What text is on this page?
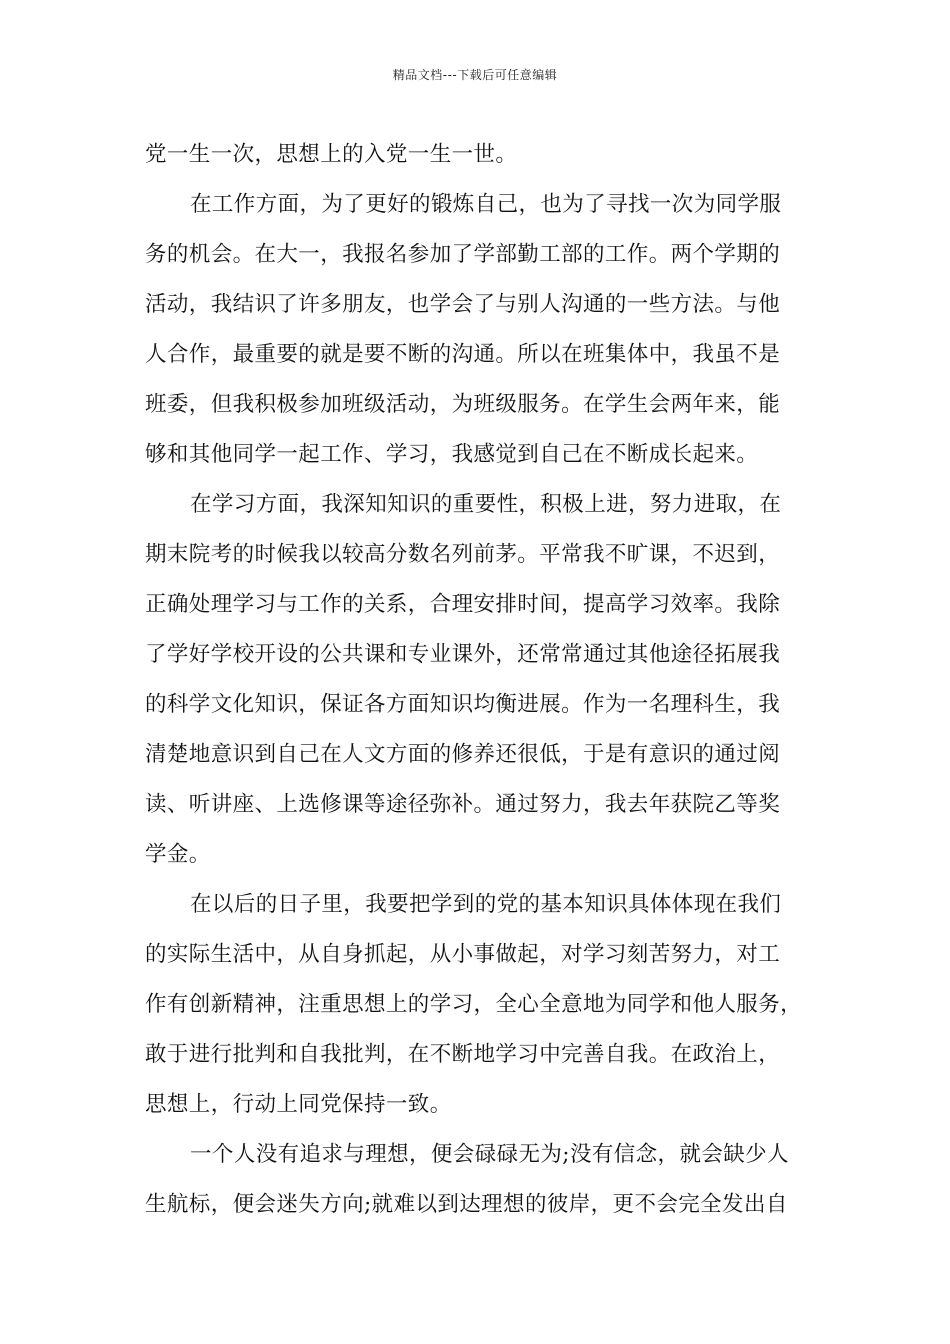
精品文档---下载后可任意编辑
党一生一次，思想上的入党一生一世。
在工作方面，为了更好的锻炼自己，也为了寻找一次为同学服
务的机会。在大一，我报名参加了学部勤工部的工作。两个学期的
活动，我结识了许多朋友，也学会了与别人沟通的一些方法。与他
人合作，最重要的就是要不断的沟通。所以在班集体中，我虽不是
班委，但我积极参加班级活动，为班级服务。在学生会两年来，能
够和其他同学一起工作、学习，我感觉到自己在不断成长起来。
在学习方面，我深知知识的重要性，积极上进，努力进取，在
期末院考的时候我以较高分数名列前茅。平常我不旷课，不迟到，
正确处理学习与工作的关系，合理安排时间，提高学习效率。我除
了学好学校开设的公共课和专业课外，还常常通过其他途径拓展我
的科学文化知识，保证各方面知识均衡进展。作为一名理科生，我
清楚地意识到自己在人文方面的修养还很低，于是有意识的通过阅
读、听讲座、上选修课等途径弥补。通过努力，我去年获院乙等奖
学金。
在以后的日子里，我要把学到的党的基本知识具体体现在我们
的实际生活中，从自身抓起，从小事做起，对学习刻苦努力，对工
作有创新精神，注重思想上的学习，全心全意地为同学和他人服务，
敢于进行批判和自我批判，在不断地学习中完善自我。在政治上，
思想上，行动上同党保持一致。
一个人没有追求与理想，便会碌碌无为;没有信念，就会缺少人
生航标，便会迷失方向;就难以到达理想的彼岸，更不会完全发出自
